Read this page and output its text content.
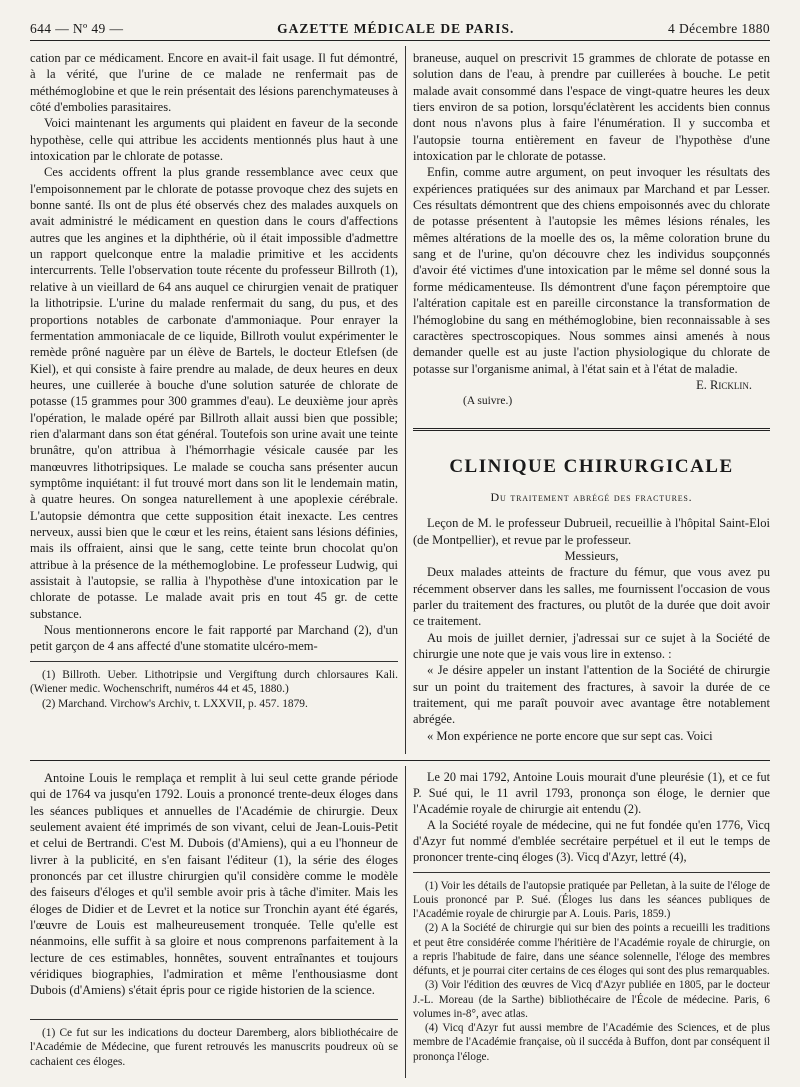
644 — Nº 49 —	GAZETTE MÉDICALE DE PARIS.	4 Décembre 1880

cation par ce médicament. Encore en avait-il fait usage. Il fut démontré, à la vérité, que l'urine de ce malade ne renfermait pas de méthémoglobine et que le rein présentait des lésions parenchymateuses à côté d'embolies parasitaires.

Voici maintenant les arguments qui plaident en faveur de la seconde hypothèse, celle qui attribue les accidents mentionnés plus haut à une intoxication par le chlorate de potasse.

Ces accidents offrent la plus grande ressemblance avec ceux que l'empoisonnement par le chlorate de potasse provoque chez des sujets en bonne santé. Ils ont de plus été observés chez des malades auxquels on avait administré le médicament en question dans le cours d'affections autres que les angines et la diphthérie, où il était impossible d'admettre un rapport quelconque entre la maladie primitive et les accidents intercurrents. Telle l'observation toute récente du professeur Billroth (1), relative à un vieillard de 64 ans auquel ce chirurgien venait de pratiquer la lithotripsie. L'urine du malade renfermait du sang, du pus, et des proportions notables de carbonate d'ammoniaque. Pour enrayer la fermentation ammoniacale de ce liquide, Billroth voulut expérimenter le remède prôné naguère par un élève de Bartels, le docteur Etlefsen (de Kiel), et qui consiste à faire prendre au malade, de deux heures en deux heures, une cuillerée à bouche d'une solution saturée de chlorate de potasse (15 grammes pour 300 grammes d'eau). Le deuxième jour après l'opération, le malade opéré par Billroth allait aussi bien que possible; rien d'alarmant dans son état général. Toutefois son urine avait une teinte brunâtre, qu'on attribua à l'hémorrhagie vésicale causée par les manœuvres lithotripsiques. Le malade se coucha sans présenter aucun symptôme inquiétant: il fut trouvé mort dans son lit le lendemain matin, à quatre heures. On songea naturellement à une apoplexie cérébrale. L'autopsie démontra que cette supposition était inexacte. Les centres nerveux, aussi bien que le cœur et les reins, étaient sans lésions définies, mais ils offraient, ainsi que le sang, cette teinte brun chocolat qu'on attribue à la présence de la méthemoglobine. Le professeur Ludwig, qui assistait à l'autopsie, se rallia à l'hypothèse d'une intoxication par le chlorate de potasse. Le malade avait pris en tout 45 gr. de cette substance.

Nous mentionnerons encore le fait rapporté par Marchand (2), d'un petit garçon de 4 ans affecté d'une stomatite ulcéro-mem-

(1) Billroth. Ueber. Lithotripsie und Vergiftung durch chlorsaures Kali. (Wiener medic. Wochenschrift, numéros 44 et 45, 1880.)

(2) Marchand. Virchow's Archiv, t. LXXVII, p. 457. 1879.

braneuse, auquel on prescrivit 15 grammes de chlorate de potasse en solution dans de l'eau, à prendre par cuillerées à bouche. Le petit malade avait consommé dans l'espace de vingt-quatre heures les deux tiers environ de sa potion, lorsqu'éclatèrent les accidents bien connus dont nous n'avons plus à faire l'énumération. Il y succomba et l'autopsie tourna entièrement en faveur de l'hypothèse d'une intoxication par le chlorate de potasse.

Enfin, comme autre argument, on peut invoquer les résultats des expériences pratiquées sur des animaux par Marchand et par Lesser. Ces résultats démontrent que des chiens empoisonnés avec du chlorate de potasse présentent à l'autopsie les mêmes lésions rénales, les mêmes altérations de la moelle des os, la même coloration brune du sang et de l'urine, qu'on découvre chez les individus soupçonnés d'avoir été victimes d'une intoxication par le même sel donné sous la forme médicamenteuse. Ils démontrent d'une façon péremptoire que l'altération capitale est en pareille circonstance la transformation de l'hémoglobine du sang en méthémoglobine, bien reconnaissable à ses caractères spectroscopiques. Nous sommes ainsi amenés à nous demander quelle est au juste l'action physiologique du chlorate de potasse sur l'organisme animal, à l'état sain et à l'état de maladie.

E. Ricklin.

(A suivre.)

CLINIQUE CHIRURGICALE
Du traitement abrégé des fractures.

Leçon de M. le professeur Dubrueil, recueillie à l'hôpital Saint-Eloi (de Montpellier), et revue par le professeur.

Messieurs,

Deux malades atteints de fracture du fémur, que vous avez pu récemment observer dans les salles, me fournissent l'occasion de vous parler du traitement des fractures, ou plutôt de la durée que doit avoir ce traitement.

Au mois de juillet dernier, j'adressai sur ce sujet à la Société de chirurgie une note que je vais vous lire in extenso. :

« Je désire appeler un instant l'attention de la Société de chirurgie sur un point du traitement des fractures, à savoir la durée de ce traitement, qui me paraît pouvoir avec avantage être notablement abrégée.

« Mon expérience ne porte encore que sur sept cas. Voici

Antoine Louis le remplaça et remplit à lui seul cette grande période qui de 1764 va jusqu'en 1792. Louis a prononcé trente-deux éloges dans les séances publiques et annuelles de l'Académie de chirurgie. Deux seulement avaient été imprimés de son vivant, celui de Jean-Louis-Petit et celui de Bertrandi. C'est M. Dubois (d'Amiens), qui a eu l'honneur de livrer à la publicité, en s'en faisant l'éditeur (1), la série des éloges prononcés par cet illustre chirurgien qu'il considère comme le modèle des faiseurs d'éloges et qu'il semble avoir pris à tâche d'imiter. Mais les éloges de Didier et de Levret et la notice sur Tronchin ayant été égarés, l'œuvre de Louis est malheureusement tronquée. Telle qu'elle est néanmoins, elle suffit à sa gloire et nous comprenons parfaitement à la lecture de ces estimables, honnêtes, souvent entraînantes et toujours véridiques biographies, l'admiration et même l'enthousiasme dont Dubois (d'Amiens) s'était épris pour ce rigide historien de la science.

(1) Ce fut sur les indications du docteur Daremberg, alors bibliothécaire de l'Académie de Médecine, que furent retrouvés les manuscrits poudreux où se cachaient ces éloges.

Le 20 mai 1792, Antoine Louis mourait d'une pleurésie (1), et ce fut P. Sué qui, le 11 avril 1793, prononça son éloge, le dernier que l'Académie royale de chirurgie ait entendu (2).

A la Société royale de médecine, qui ne fut fondée qu'en 1776, Vicq d'Azyr fut nommé d'emblée secrétaire perpétuel et il eut le temps de prononcer trente-cinq éloges (3). Vicq d'Azyr, lettré (4),

(1) Voir les détails de l'autopsie pratiquée par Pelletan, à la suite de l'éloge de Louis prononcé par P. Sué. (Éloges lus dans les séances publiques de l'Académie royale de chirurgie par A. Louis. Paris, 1859.)

(2) A la Société de chirurgie qui sur bien des points a recueilli les traditions et peut être considérée comme l'héritière de l'Académie royale de chirurgie, on a repris l'habitude de faire, dans une séance solennelle, l'éloge des membres défunts, et je pourrai citer certains de ces éloges qui sont des plus remarquables.

(3) Voir l'édition des œuvres de Vicq d'Azyr publiée en 1805, par le docteur J.-L. Moreau (de la Sarthe) bibliothécaire de l'École de médecine. Paris, 6 volumes in-8°, avec atlas.

(4) Vicq d'Azyr fut aussi membre de l'Académie des Sciences, et de plus membre de l'Académie française, où il succéda à Buffon, dont par conséquent il prononça l'éloge.
